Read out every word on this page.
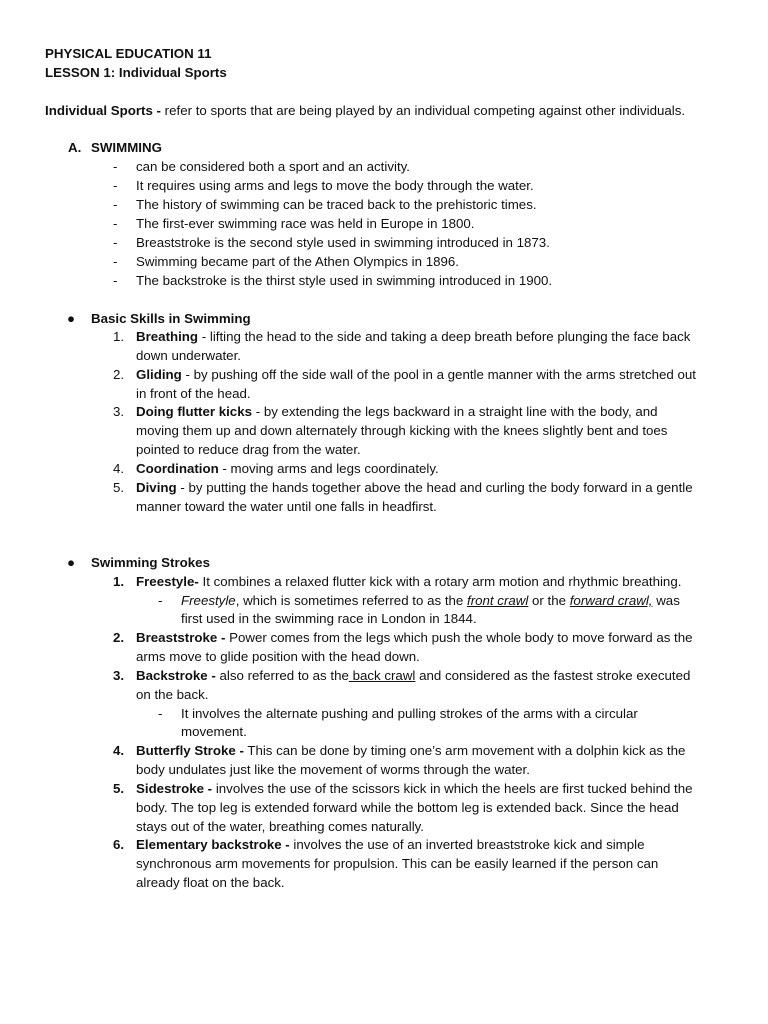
PHYSICAL EDUCATION 11
LESSON 1: Individual Sports
Individual Sports - refer to sports that are being played by an individual competing against other individuals.
A. SWIMMING
- can be considered both a sport and an activity.
- It requires using arms and legs to move the body through the water.
- The history of swimming can be traced back to the prehistoric times.
- The first-ever swimming race was held in Europe in 1800.
- Breaststroke is the second style used in swimming introduced in 1873.
- Swimming became part of the Athen Olympics in 1896.
- The backstroke is the thirst style used in swimming introduced in 1900.
● Basic Skills in Swimming
1. Breathing - lifting the head to the side and taking a deep breath before plunging the face back
down underwater.
2. Gliding - by pushing off the side wall of the pool in a gentle manner with the arms stretched out
in front of the head.
3. Doing flutter kicks - by extending the legs backward in a straight line with the body, and
moving them up and down alternately through kicking with the knees slightly bent and toes
pointed to reduce drag from the water.
4. Coordination - moving arms and legs coordinately.
5. Diving - by putting the hands together above the head and curling the body forward in a gentle
manner toward the water until one falls in headfirst.
● Swimming Strokes
1. Freestyle- It combines a relaxed flutter kick with a rotary arm motion and rhythmic breathing.
- Freestyle, which is sometimes referred to as the front crawl or the forward crawl, was
first used in the swimming race in London in 1844.
2. Breaststroke - Power comes from the legs which push the whole body to move forward as the
arms move to glide position with the head down.
3. Backstroke - also referred to as the back crawl and considered as the fastest stroke executed
on the back.
- It involves the alternate pushing and pulling strokes of the arms with a circular
movement.
4. Butterfly Stroke - This can be done by timing one’s arm movement with a dolphin kick as the
body undulates just like the movement of worms through the water.
5. Sidestroke - involves the use of the scissors kick in which the heels are first tucked behind the
body. The top leg is extended forward while the bottom leg is extended back. Since the head
stays out of the water, breathing comes naturally.
6. Elementary backstroke - involves the use of an inverted breaststroke kick and simple
synchronous arm movements for propulsion. This can be easily learned if the person can
already float on the back.
